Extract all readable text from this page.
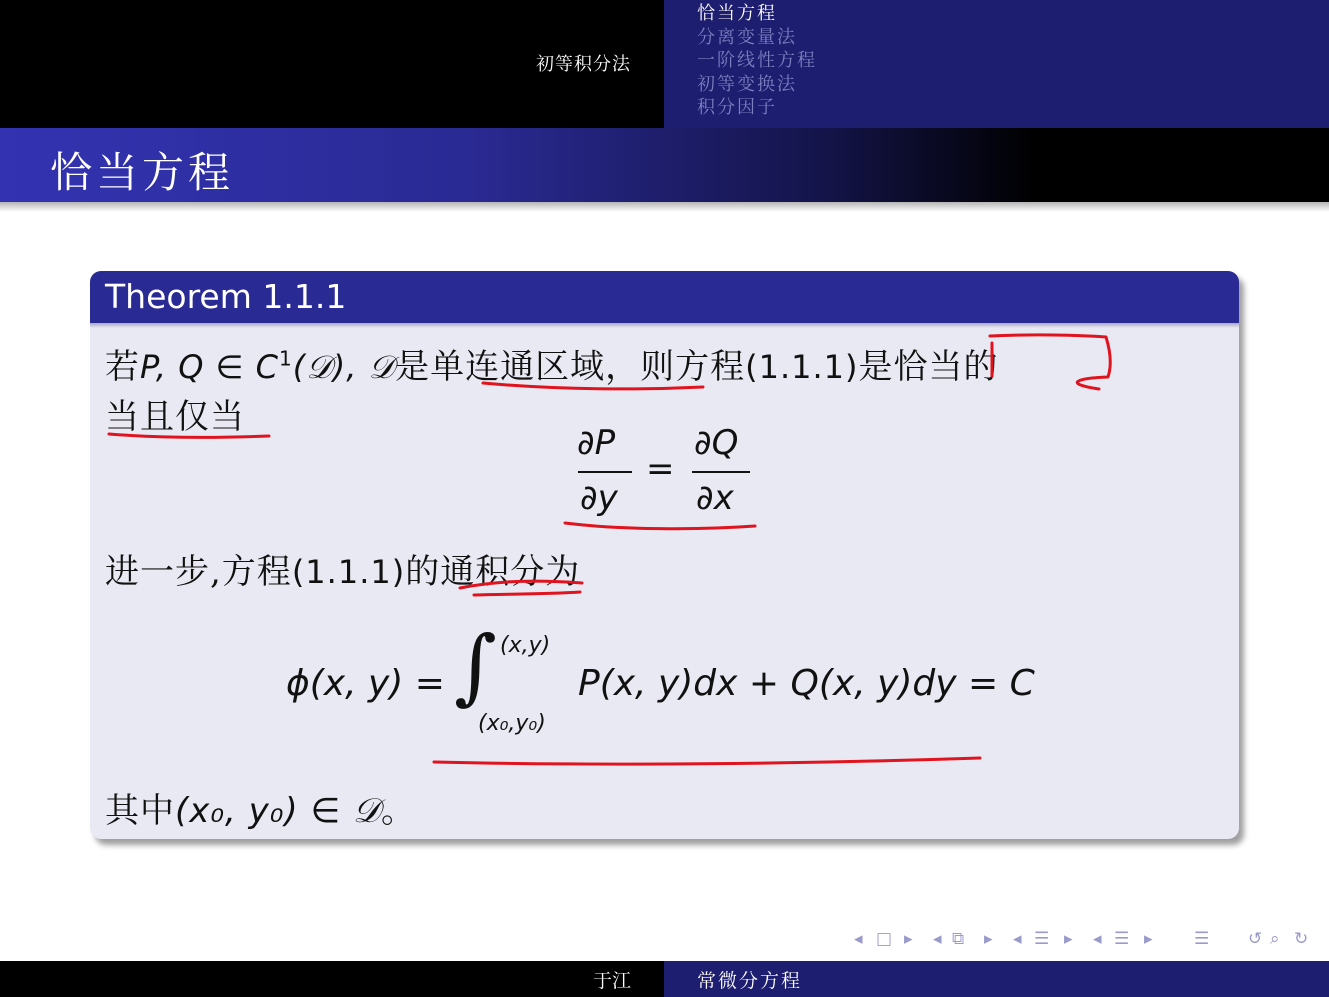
初等积分法
恰当方程
分离变量法
一阶线性方程
初等变换法
积分因子
恰当方程
Theorem 1.1.1
若P, Q ∈ $C^1(𝒟)$, 𝒟是单连通区域，则方程(1.1.1)是恰当的
当且仅当
∂P
∂y
=
∂Q
∂x
进一步,方程(1.1.1)的通积分为
ϕ(x, y) = ∫ (x,y)
(x₀,y₀)
P(x, y)dx + Q(x, y)dy = C
其中(x₀, y₀) ∈ 𝒟。
◂ □ ▸ ◂ ⧉ ▸ ◂ ☰ ▸ ◂ ☰ ▸ ☰ ↺ ⌕ ↻
于江	常微分方程
